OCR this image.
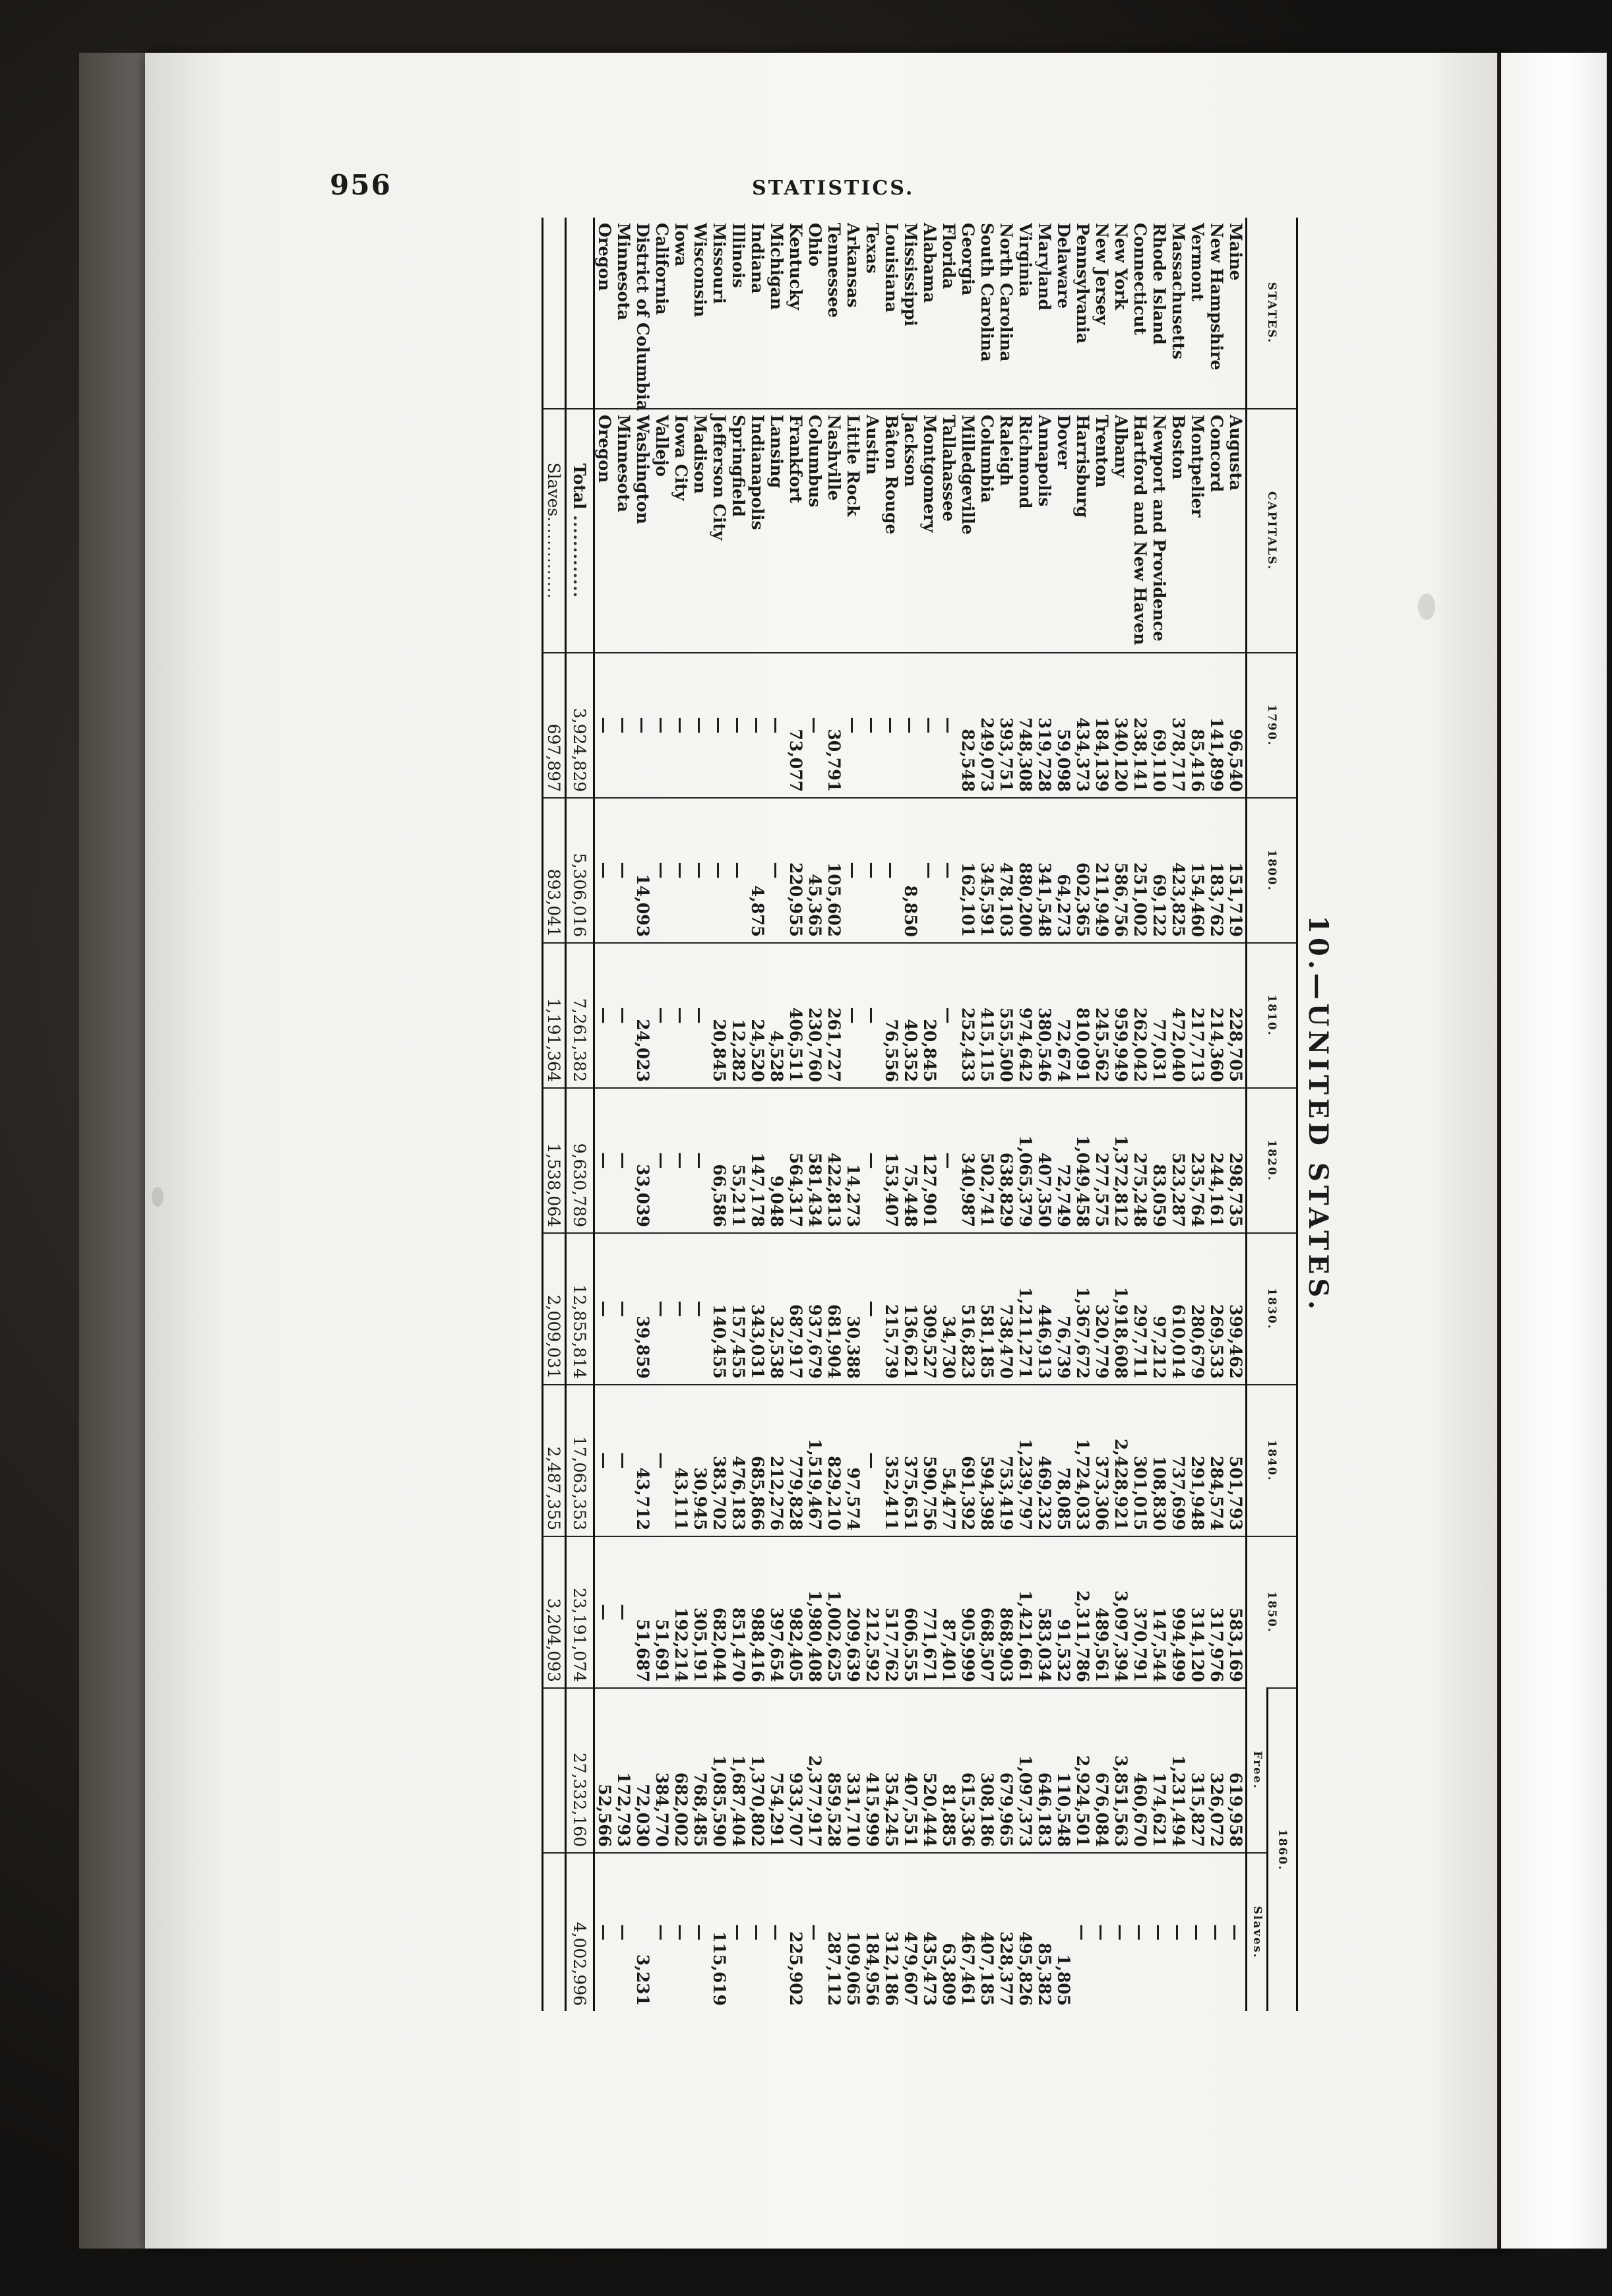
956	STATISTICS.
10.—UNITED STATES.
STATES.	CAPITALS.	1790.	1800.	1810.	1820.	1830.	1840.	1850.	1860.	
									Free.	Slaves.
Maine	Augusta	96,540	151,719	228,705	298,735	399,462	501,793	583,169	619,958	—
New Hampshire	Concord	141,899	183,762	214,360	244,161	269,533	284,574	317,976	326,072	—
Vermont	Montpelier	85,416	154,460	217,713	235,764	280,679	291,948	314,120	315,827	—
Massachusetts	Boston	378,717	423,825	472,040	523,287	610,014	737,699	994,499	1,231,494	—
Rhode Island	Newport and Providence	69,110	69,122	77,031	83,059	97,212	108,830	147,544	174,621	—
Connecticut	Hartford and New Haven	238,141	251,002	262,042	275,248	297,711	301,015	370,791	460,670	—
New York	Albany	340,120	586,756	959,949	1,372,812	1,918,608	2,428,921	3,097,394	3,851,563	—
New Jersey	Trenton	184,139	211,949	245,562	277,575	320,779	373,306	489,561	676,084	—
Pennsylvania	Harrisburg	434,373	602,365	810,091	1,049,458	1,367,672	1,724,033	2,311,786	2,924,501	—
Delaware	Dover	59,098	64,273	72,674	72,749	76,739	78,085	91,532	110,548	1,805
Maryland	Annapolis	319,728	341,548	380,546	407,350	446,913	469,232	583,034	646,183	85,382
Virginia	Richmond	748,308	880,200	974,642	1,065,379	1,211,271	1,239,797	1,421,661	1,097,373	495,826
North Carolina	Raleigh	393,751	478,103	555,500	638,829	738,470	753,419	868,903	679,965	328,377
South Carolina	Columbia	249,073	345,591	415,115	502,741	581,185	594,398	668,507	308,186	407,185
Georgia	Milledgeville	82,548	162,101	252,433	340,987	516,823	691,392	905,999	615,336	467,461
Florida	Tallahassee	—	—	—	—	34,730	54,477	87,401	81,885	63,809
Alabama	Montgomery	—	—	20,845	127,901	309,527	590,756	771,671	520,444	435,473
Mississippi	Jackson	—	8,850	40,352	75,448	136,621	375,651	606,555	407,551	479,607
Louisiana	Bâton Rouge	—	—	76,556	153,407	215,739	352,411	517,762	354,245	312,186
Texas	Austin	—	—	—	—	—	—	212,592	415,999	184,956
Arkansas	Little Rock	—	—	—	14,273	30,388	97,574	209,639	331,710	109,065
Tennessee	Nashville	30,791	105,602	261,727	422,813	681,904	829,210	1,002,625	859,528	287,112
Ohio	Columbus	—	45,365	230,760	581,434	937,679	1,519,467	1,980,408	2,377,917	—
Kentucky	Frankfort	73,077	220,955	406,511	564,317	687,917	779,828	982,405	933,707	225,902
Michigan	Lansing	—	—	4,528	9,048	32,538	212,276	397,654	754,291	—
Indiana	Indianapolis	—	4,875	24,520	147,178	343,031	685,866	988,416	1,370,802	—
Illinois	Springfield	—	—	12,282	55,211	157,455	476,183	851,470	1,687,404	—
Missouri	Jefferson City	—	—	20,845	66,586	140,455	383,702	682,044	1,085,590	115,619
Wisconsin	Madison	—	—	—	—	—	30,945	305,191	768,485	—
Iowa	Iowa City	—	—	—	—	—	43,111	192,214	682,002	—
California	Vallejo	—	—	—	—	—	—	51,691	384,770	—
District of Columbia	Washington	—	14,093	24,023	33,039	39,859	43,712	51,687	72,030	3,231
Minnesota	Minnesota	—	—	—	—	—	—	—	172,793	—
Oregon	Oregon	—	—	—	—	—	—	—	52,566	—
	Total .............	3,924,829	5,306,016	7,261,382	9,630,789	12,855,814	17,063,353	23,191,074	27,332,160	4,002,996
	Slaves..............	697,897	893,041	1,191,364	1,538,064	2,009,031	2,487,355	3,204,093		
